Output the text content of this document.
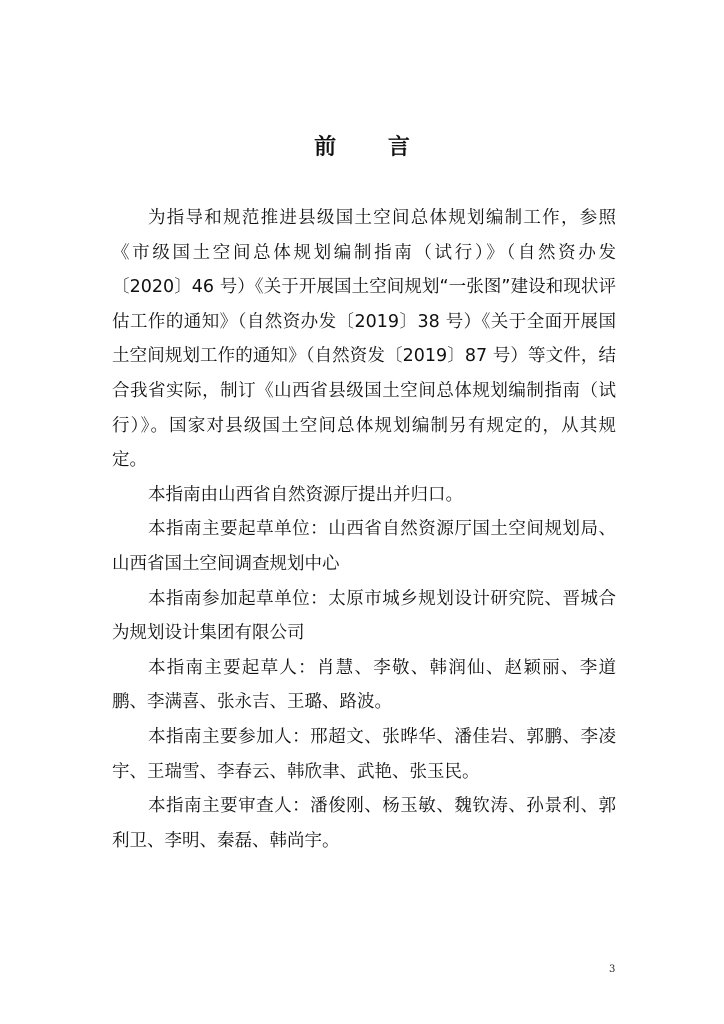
前 言

为指导和规范推进县级国土空间总体规划编制工作，参照《市级国土空间总体规划编制指南（试行）》（自然资办发〔2020〕46 号）《关于开展国土空间规划“一张图”建设和现状评估工作的通知》（自然资办发〔2019〕38 号）《关于全面开展国土空间规划工作的通知》（自然资发〔2019〕87 号）等文件，结合我省实际，制订《山西省县级国土空间总体规划编制指南（试行）》。国家对县级国土空间总体规划编制另有规定的，从其规定。

本指南由山西省自然资源厅提出并归口。

本指南主要起草单位：山西省自然资源厅国土空间规划局、山西省国土空间调查规划中心

本指南参加起草单位：太原市城乡规划设计研究院、晋城合为规划设计集团有限公司

本指南主要起草人：肖慧、李敬、韩润仙、赵颖丽、李道鹏、李满喜、张永吉、王璐、路波。

本指南主要参加人：邢超文、张晔华、潘佳岩、郭鹏、李凌宇、王瑞雪、李春云、韩欣聿、武艳、张玉民。

本指南主要审查人：潘俊刚、杨玉敏、魏钦涛、孙景利、郭利卫、李明、秦磊、韩尚宇。

3
